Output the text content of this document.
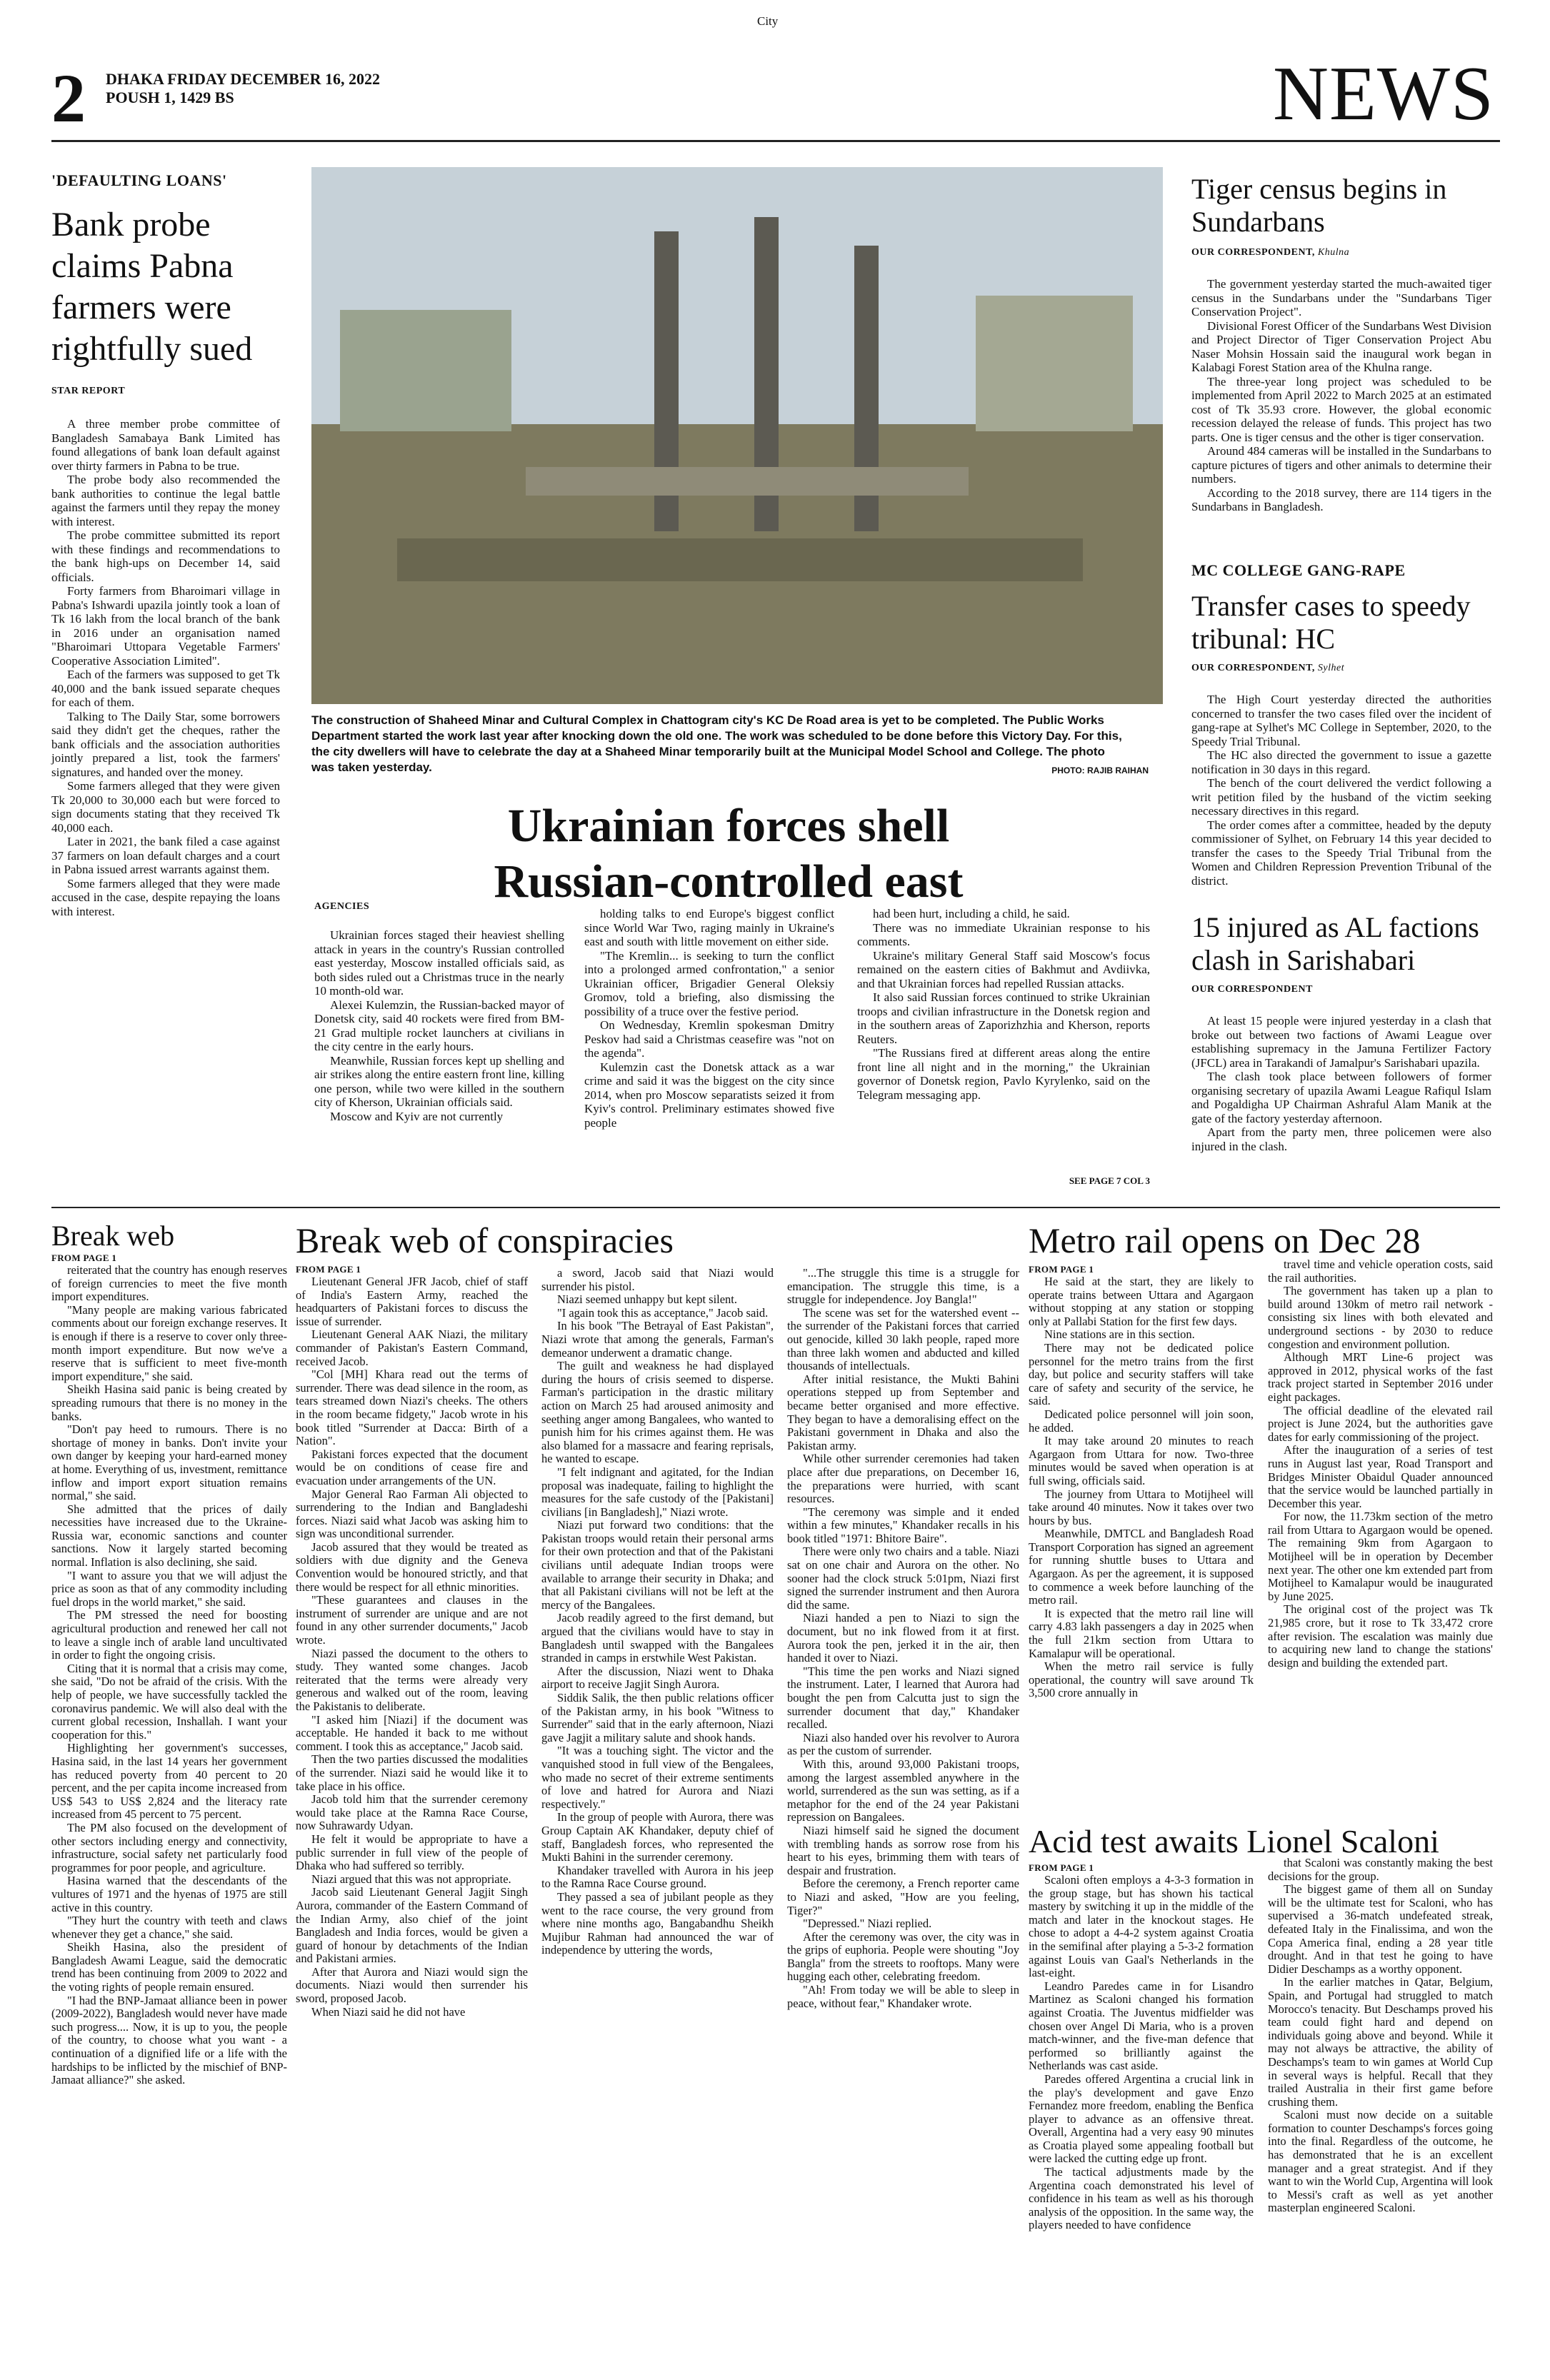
City
2 DHAKA FRIDAY DECEMBER 16, 2022
POUSH 1, 1429 BS	NEWS
'DEFAULTING LOANS'
Bank probe claims Pabna farmers were rightfully sued
STAR REPORT

A three member probe committee of Bangladesh Samabaya Bank Limited has found allegations of bank loan default against over thirty farmers in Pabna to be true.

The probe body also recommended the bank authorities to continue the legal battle against the farmers until they repay the money with interest.

The probe committee submitted its report with these findings and recommendations to the bank high-ups on December 14, said officials.

Forty farmers from Bharoimari village in Pabna's Ishwardi upazila jointly took a loan of Tk 16 lakh from the local branch of the bank in 2016 under an organisation named "Bharoimari Uttopara Vegetable Farmers' Cooperative Association Limited".

Each of the farmers was supposed to get Tk 40,000 and the bank issued separate cheques for each of them.

Talking to The Daily Star, some borrowers said they didn't get the cheques, rather the bank officials and the association authorities jointly prepared a list, took the farmers' signatures, and handed over the money.

Some farmers alleged that they were given Tk 20,000 to 30,000 each but were forced to sign documents stating that they received Tk 40,000 each.

Later in 2021, the bank filed a case against 37 farmers on loan default charges and a court in Pabna issued arrest warrants against them.

Some farmers alleged that they were made accused in the case, despite repaying the loans with interest.

The construction of Shaheed Minar and Cultural Complex in Chattogram city's KC De Road area is yet to be completed. The Public Works Department started the work last year after knocking down the old one. The work was scheduled to be done before this Victory Day. For this, the city dwellers will have to celebrate the day at a Shaheed Minar temporarily built at the Municipal Model School and College. The photo was taken yesterday.	PHOTO: RAJIB RAIHAN
Ukrainian forces shell
Russian-controlled east
AGENCIES

Ukrainian forces staged their heaviest shelling attack in years in the country's Russian controlled east yesterday, Moscow installed officials said, as both sides ruled out a Christmas truce in the nearly 10 month-old war.

Alexei Kulemzin, the Russian-backed mayor of Donetsk city, said 40 rockets were fired from BM-21 Grad multiple rocket launchers at civilians in the city centre in the early hours.

Meanwhile, Russian forces kept up shelling and air strikes along the entire eastern front line, killing one person, while two were killed in the southern city of Kherson, Ukrainian officials said.

Moscow and Kyiv are not currently

holding talks to end Europe's biggest conflict since World War Two, raging mainly in Ukraine's east and south with little movement on either side.

"The Kremlin... is seeking to turn the conflict into a prolonged armed confrontation," a senior Ukrainian officer, Brigadier General Oleksiy Gromov, told a briefing, also dismissing the possibility of a truce over the festive period.

On Wednesday, Kremlin spokesman Dmitry Peskov had said a Christmas ceasefire was "not on the agenda".

Kulemzin cast the Donetsk attack as a war crime and said it was the biggest on the city since 2014, when pro Moscow separatists seized it from Kyiv's control. Preliminary estimates showed five people

had been hurt, including a child, he said.

There was no immediate Ukrainian response to his comments.

Ukraine's military General Staff said Moscow's focus remained on the eastern cities of Bakhmut and Avdiivka, and that Ukrainian forces had repelled Russian attacks.

It also said Russian forces continued to strike Ukrainian troops and civilian infrastructure in the Donetsk region and in the southern areas of Zaporizhzhia and Kherson, reports Reuters.

"The Russians fired at different areas along the entire front line all night and in the morning," the Ukrainian governor of Donetsk region, Pavlo Kyrylenko, said on the Telegram messaging app.

SEE PAGE 7 COL 3
Tiger census begins in Sundarbans
OUR CORRESPONDENT, Khulna

The government yesterday started the much-awaited tiger census in the Sundarbans under the "Sundarbans Tiger Conservation Project".

Divisional Forest Officer of the Sundarbans West Division and Project Director of Tiger Conservation Project Abu Naser Mohsin Hossain said the inaugural work began in Kalabagi Forest Station area of the Khulna range.

The three-year long project was scheduled to be implemented from April 2022 to March 2025 at an estimated cost of Tk 35.93 crore. However, the global economic recession delayed the release of funds. This project has two parts. One is tiger census and the other is tiger conservation.

Around 484 cameras will be installed in the Sundarbans to capture pictures of tigers and other animals to determine their numbers.

According to the 2018 survey, there are 114 tigers in the Sundarbans in Bangladesh.

MC COLLEGE GANG-RAPE
Transfer cases to speedy tribunal: HC
OUR CORRESPONDENT, Sylhet

The High Court yesterday directed the authorities concerned to transfer the two cases filed over the incident of gang-rape at Sylhet's MC College in September, 2020, to the Speedy Trial Tribunal.

The HC also directed the government to issue a gazette notification in 30 days in this regard.

The bench of the court delivered the verdict following a writ petition filed by the husband of the victim seeking necessary directives in this regard.

The order comes after a committee, headed by the deputy commissioner of Sylhet, on February 14 this year decided to transfer the cases to the Speedy Trial Tribunal from the Women and Children Repression Prevention Tribunal of the district.

15 injured as AL factions clash in Sarishabari
OUR CORRESPONDENT

At least 15 people were injured yesterday in a clash that broke out between two factions of Awami League over establishing supremacy in the Jamuna Fertilizer Factory (JFCL) area in Tarakandi of Jamalpur's Sarishabari upazila.

The clash took place between followers of former organising secretary of upazila Awami League Rafiqul Islam and Pogaldigha UP Chairman Ashraful Alam Manik at the gate of the factory yesterday afternoon.

Apart from the party men, three policemen were also injured in the clash.

Break web
FROM PAGE 1

reiterated that the country has enough reserves of foreign currencies to meet the five month import expenditures.

"Many people are making various fabricated comments about our foreign exchange reserves. It is enough if there is a reserve to cover only three-month import expenditure. But now we've a reserve that is sufficient to meet five-month import expenditure," she said.

Sheikh Hasina said panic is being created by spreading rumours that there is no money in the banks.

"Don't pay heed to rumours. There is no shortage of money in banks. Don't invite your own danger by keeping your hard-earned money at home. Everything of us, investment, remittance inflow and import export situation remains normal," she said.

She admitted that the prices of daily necessities have increased due to the Ukraine-Russia war, economic sanctions and counter sanctions. Now it largely started becoming normal. Inflation is also declining, she said.

"I want to assure you that we will adjust the price as soon as that of any commodity including fuel drops in the world market," she said.

The PM stressed the need for boosting agricultural production and renewed her call not to leave a single inch of arable land uncultivated in order to fight the ongoing crisis.

Citing that it is normal that a crisis may come, she said, "Do not be afraid of the crisis. With the help of people, we have successfully tackled the coronavirus pandemic. We will also deal with the current global recession, Inshallah. I want your cooperation for this."

Highlighting her government's successes, Hasina said, in the last 14 years her government has reduced poverty from 40 percent to 20 percent, and the per capita income increased from US$ 543 to US$ 2,824 and the literacy rate increased from 45 percent to 75 percent.

The PM also focused on the development of other sectors including energy and connectivity, infrastructure, social safety net particularly food programmes for poor people, and agriculture.

Hasina warned that the descendants of the vultures of 1971 and the hyenas of 1975 are still active in this country.

"They hurt the country with teeth and claws whenever they get a chance," she said.

Sheikh Hasina, also the president of Bangladesh Awami League, said the democratic trend has been continuing from 2009 to 2022 and the voting rights of people remain ensured.

"I had the BNP-Jamaat alliance been in power (2009-2022), Bangladesh would never have made such progress.... Now, it is up to you, the people of the country, to choose what you want - a continuation of a dignified life or a life with the hardships to be inflicted by the mischief of BNP-Jamaat alliance?" she asked.

Break web of conspiracies
FROM PAGE 1

Lieutenant General JFR Jacob, chief of staff of India's Eastern Army, reached the headquarters of Pakistani forces to discuss the issue of surrender.

Lieutenant General AAK Niazi, the military commander of Pakistan's Eastern Command, received Jacob.

"Col [MH] Khara read out the terms of surrender. There was dead silence in the room, as tears streamed down Niazi's cheeks. The others in the room became fidgety," Jacob wrote in his book titled "Surrender at Dacca: Birth of a Nation".

Pakistani forces expected that the document would be on conditions of cease fire and evacuation under arrangements of the UN.

Major General Rao Farman Ali objected to surrendering to the Indian and Bangladeshi forces. Niazi said what Jacob was asking him to sign was unconditional surrender.

Jacob assured that they would be treated as soldiers with due dignity and the Geneva Convention would be honoured strictly, and that there would be respect for all ethnic minorities.

"These guarantees and clauses in the instrument of surrender are unique and are not found in any other surrender documents," Jacob wrote.

Niazi passed the document to the others to study. They wanted some changes. Jacob reiterated that the terms were already very generous and walked out of the room, leaving the Pakistanis to deliberate.

"I asked him [Niazi] if the document was acceptable. He handed it back to me without comment. I took this as acceptance," Jacob said.

Then the two parties discussed the modalities of the surrender. Niazi said he would like it to take place in his office.

Jacob told him that the surrender ceremony would take place at the Ramna Race Course, now Suhrawardy Udyan.

He felt it would be appropriate to have a public surrender in full view of the people of Dhaka who had suffered so terribly.

Niazi argued that this was not appropriate.

Jacob said Lieutenant General Jagjit Singh Aurora, commander of the Eastern Command of the Indian Army, also chief of the joint Bangladesh and India forces, would be given a guard of honour by detachments of the Indian and Pakistani armies.

After that Aurora and Niazi would sign the documents. Niazi would then surrender his sword, proposed Jacob.

When Niazi said he did not have

a sword, Jacob said that Niazi would surrender his pistol.

Niazi seemed unhappy but kept silent.

"I again took this as acceptance," Jacob said.

In his book "The Betrayal of East Pakistan", Niazi wrote that among the generals, Farman's demeanor underwent a dramatic change.

The guilt and weakness he had displayed during the hours of crisis seemed to disperse. Farman's participation in the drastic military action on March 25 had aroused animosity and seething anger among Bangalees, who wanted to punish him for his crimes against them. He was also blamed for a massacre and fearing reprisals, he wanted to escape.

"I felt indignant and agitated, for the Indian proposal was inadequate, failing to highlight the measures for the safe custody of the [Pakistani] civilians [in Bangladesh]," Niazi wrote.

Niazi put forward two conditions: that the Pakistan troops would retain their personal arms for their own protection and that of the Pakistani civilians until adequate Indian troops were available to arrange their security in Dhaka; and that all Pakistani civilians will not be left at the mercy of the Bangalees.

Jacob readily agreed to the first demand, but argued that the civilians would have to stay in Bangladesh until swapped with the Bangalees stranded in camps in erstwhile West Pakistan.

After the discussion, Niazi went to Dhaka airport to receive Jagjit Singh Aurora.

Siddik Salik, the then public relations officer of the Pakistan army, in his book "Witness to Surrender" said that in the early afternoon, Niazi gave Jagjit a military salute and shook hands.

"It was a touching sight. The victor and the vanquished stood in full view of the Bengalees, who made no secret of their extreme sentiments of love and hatred for Aurora and Niazi respectively."

In the group of people with Aurora, there was Group Captain AK Khandaker, deputy chief of staff, Bangladesh forces, who represented the Mukti Bahini in the surrender ceremony.

Khandaker travelled with Aurora in his jeep to the Ramna Race Course ground.

They passed a sea of jubilant people as they went to the race course, the very ground from where nine months ago, Bangabandhu Sheikh Mujibur Rahman had announced the war of independence by uttering the words,

"...The struggle this time is a struggle for emancipation. The struggle this time, is a struggle for independence. Joy Bangla!"

The scene was set for the watershed event -- the surrender of the Pakistani forces that carried out genocide, killed 30 lakh people, raped more than three lakh women and abducted and killed thousands of intellectuals.

After initial resistance, the Mukti Bahini operations stepped up from September and became better organised and more effective. They began to have a demoralising effect on the Pakistani government in Dhaka and also the Pakistan army.

While other surrender ceremonies had taken place after due preparations, on December 16, the preparations were hurried, with scant resources.

"The ceremony was simple and it ended within a few minutes," Khandaker recalls in his book titled "1971: Bhitore Baire".

There were only two chairs and a table. Niazi sat on one chair and Aurora on the other. No sooner had the clock struck 5:01pm, Niazi first signed the surrender instrument and then Aurora did the same.

Niazi handed a pen to Niazi to sign the document, but no ink flowed from it at first. Aurora took the pen, jerked it in the air, then handed it over to Niazi.

"This time the pen works and Niazi signed the instrument. Later, I learned that Aurora had bought the pen from Calcutta just to sign the surrender document that day," Khandaker recalled.

Niazi also handed over his revolver to Aurora as per the custom of surrender.

With this, around 93,000 Pakistani troops, among the largest assembled anywhere in the world, surrendered as the sun was setting, as if a metaphor for the end of the 24 year Pakistani repression on Bangalees.

Niazi himself said he signed the document with trembling hands as sorrow rose from his heart to his eyes, brimming them with tears of despair and frustration.

Before the ceremony, a French reporter came to Niazi and asked, "How are you feeling, Tiger?"

"Depressed." Niazi replied.

After the ceremony was over, the city was in the grips of euphoria. People were shouting "Joy Bangla" from the streets to rooftops. Many were hugging each other, celebrating freedom.

"Ah! From today we will be able to sleep in peace, without fear," Khandaker wrote.

Metro rail opens on Dec 28
FROM PAGE 1

He said at the start, they are likely to operate trains between Uttara and Agargaon without stopping at any station or stopping only at Pallabi Station for the first few days.

Nine stations are in this section.

There may not be dedicated police personnel for the metro trains from the first day, but police and security staffers will take care of safety and security of the service, he said.

Dedicated police personnel will join soon, he added.

It may take around 20 minutes to reach Agargaon from Uttara for now. Two-three minutes would be saved when operation is at full swing, officials said.

The journey from Uttara to Motijheel will take around 40 minutes. Now it takes over two hours by bus.

Meanwhile, DMTCL and Bangladesh Road Transport Corporation has signed an agreement for running shuttle buses to Uttara and Agargaon. As per the agreement, it is supposed to commence a week before launching of the metro rail.

It is expected that the metro rail line will carry 4.83 lakh passengers a day in 2025 when the full 21km section from Uttara to Kamalapur will be operational.

When the metro rail service is fully operational, the country will save around Tk 3,500 crore annually in

travel time and vehicle operation costs, said the rail authorities.

The government has taken up a plan to build around 130km of metro rail network - consisting six lines with both elevated and underground sections - by 2030 to reduce congestion and environment pollution.

Although MRT Line-6 project was approved in 2012, physical works of the fast track project started in September 2016 under eight packages.

The official deadline of the elevated rail project is June 2024, but the authorities gave dates for early commissioning of the project.

After the inauguration of a series of test runs in August last year, Road Transport and Bridges Minister Obaidul Quader announced that the service would be launched partially in December this year.

For now, the 11.73km section of the metro rail from Uttara to Agargaon would be opened. The remaining 9km from Agargaon to Motijheel will be in operation by December next year. The other one km extended part from Motijheel to Kamalapur would be inaugurated by June 2025.

The original cost of the project was Tk 21,985 crore, but it rose to Tk 33,472 crore after revision. The escalation was mainly due to acquiring new land to change the stations' design and building the extended part.

Acid test awaits Lionel Scaloni
FROM PAGE 1

Scaloni often employs a 4-3-3 formation in the group stage, but has shown his tactical mastery by switching it up in the middle of the match and later in the knockout stages. He chose to adopt a 4-4-2 system against Croatia in the semifinal after playing a 5-3-2 formation against Louis van Gaal's Netherlands in the last-eight.

Leandro Paredes came in for Lisandro Martinez as Scaloni changed his formation against Croatia. The Juventus midfielder was chosen over Angel Di Maria, who is a proven match-winner, and the five-man defence that performed so brilliantly against the Netherlands was cast aside.

Paredes offered Argentina a crucial link in the play's development and gave Enzo Fernandez more freedom, enabling the Benfica player to advance as an offensive threat. Overall, Argentina had a very easy 90 minutes as Croatia played some appealing football but were lacked the cutting edge up front.

The tactical adjustments made by the Argentina coach demonstrated his level of confidence in his team as well as his thorough analysis of the opposition. In the same way, the players needed to have confidence

that Scaloni was constantly making the best decisions for the group.

The biggest game of them all on Sunday will be the ultimate test for Scaloni, who has supervised a 36-match undefeated streak, defeated Italy in the Finalissima, and won the Copa America final, ending a 28 year title drought. And in that test he going to have Didier Deschamps as a worthy opponent.

In the earlier matches in Qatar, Belgium, Spain, and Portugal had struggled to match Morocco's tenacity. But Deschamps proved his team could fight hard and depend on individuals going above and beyond. While it may not always be attractive, the ability of Deschamps's team to win games at World Cup in several ways is helpful. Recall that they trailed Australia in their first game before crushing them.

Scaloni must now decide on a suitable formation to counter Deschamps's forces going into the final. Regardless of the outcome, he has demonstrated that he is an excellent manager and a great strategist. And if they want to win the World Cup, Argentina will look to Messi's craft as well as yet another masterplan engineered Scaloni.
